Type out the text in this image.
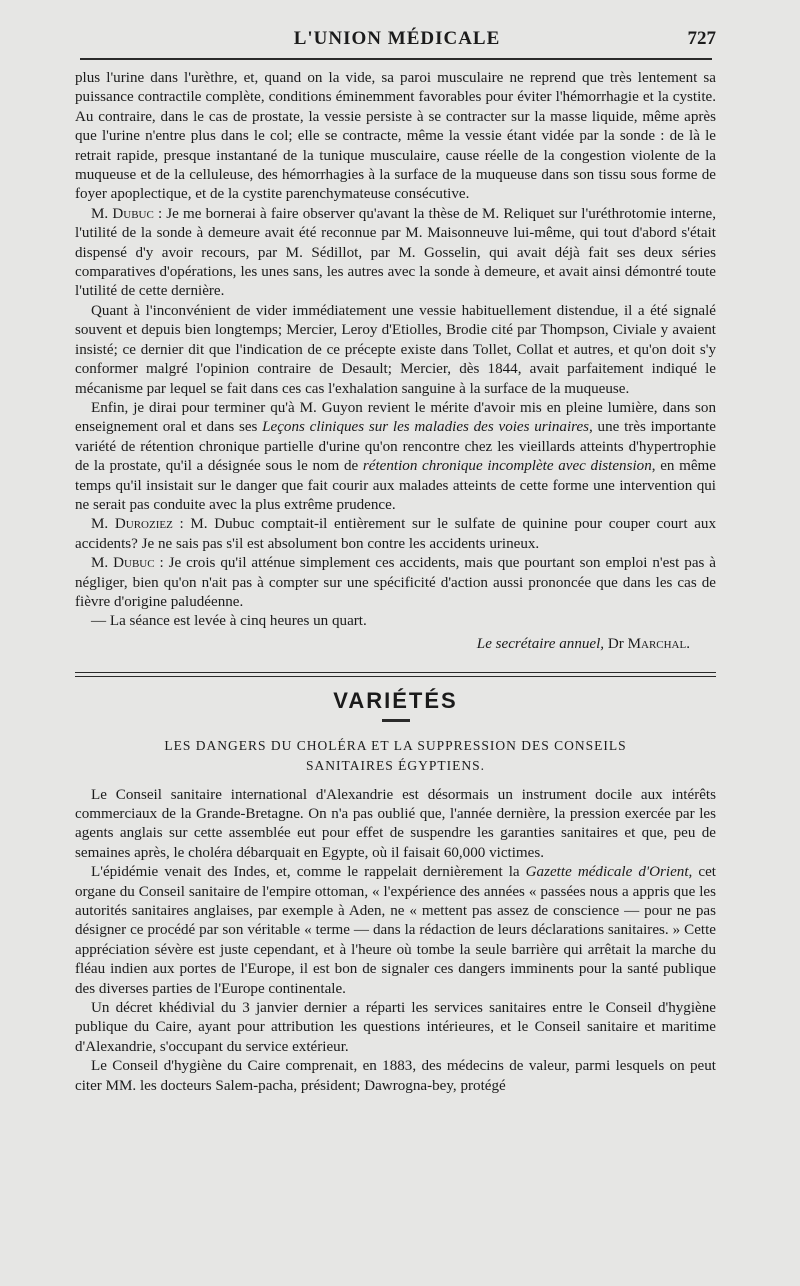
L'UNION MÉDICALE	727

plus l'urine dans l'urèthre, et, quand on la vide, sa paroi musculaire ne reprend que très lentement sa puissance contractile complète, conditions éminemment favorables pour éviter l'hémorrhagie et la cystite. Au contraire, dans le cas de prostate, la vessie persiste à se contracter sur la masse liquide, même après que l'urine n'entre plus dans le col; elle se contracte, même la vessie étant vidée par la sonde : de là le retrait rapide, presque instantané de la tunique musculaire, cause réelle de la congestion violente de la muqueuse et de la celluleuse, des hémorrhagies à la surface de la muqueuse dans son tissu sous forme de foyer apoplectique, et de la cystite parenchymateuse consécutive.

M. Dubuc : Je me bornerai à faire observer qu'avant la thèse de M. Reliquet sur l'uréthrotomie interne, l'utilité de la sonde à demeure avait été reconnue par M. Maisonneuve lui-même, qui tout d'abord s'était dispensé d'y avoir recours, par M. Sédillot, par M. Gosselin, qui avait déjà fait ses deux séries comparatives d'opérations, les unes sans, les autres avec la sonde à demeure, et avait ainsi démontré toute l'utilité de cette dernière.

Quant à l'inconvénient de vider immédiatement une vessie habituellement distendue, il a été signalé souvent et depuis bien longtemps; Mercier, Leroy d'Etiolles, Brodie cité par Thompson, Civiale y avaient insisté; ce dernier dit que l'indication de ce précepte existe dans Tollet, Collat et autres, et qu'on doit s'y conformer malgré l'opinion contraire de Desault; Mercier, dès 1844, avait parfaitement indiqué le mécanisme par lequel se fait dans ces cas l'exhalation sanguine à la surface de la muqueuse.

Enfin, je dirai pour terminer qu'à M. Guyon revient le mérite d'avoir mis en pleine lumière, dans son enseignement oral et dans ses Leçons cliniques sur les maladies des voies urinaires, une très importante variété de rétention chronique partielle d'urine qu'on rencontre chez les vieillards atteints d'hypertrophie de la prostate, qu'il a désignée sous le nom de rétention chronique incomplète avec distension, en même temps qu'il insistait sur le danger que fait courir aux malades atteints de cette forme une intervention qui ne serait pas conduite avec la plus extrême prudence.

M. Duroziez : M. Dubuc comptait-il entièrement sur le sulfate de quinine pour couper court aux accidents? Je ne sais pas s'il est absolument bon contre les accidents urineux.

M. Dubuc : Je crois qu'il atténue simplement ces accidents, mais que pourtant son emploi n'est pas à négliger, bien qu'on n'ait pas à compter sur une spécificité d'action aussi prononcée que dans les cas de fièvre d'origine paludéenne.

— La séance est levée à cinq heures un quart.

Le secrétaire annuel, Dr Marchal.

VARIÉTÉS
LES DANGERS DU CHOLÉRA ET LA SUPPRESSION DES CONSEILS
SANITAIRES ÉGYPTIENS.

Le Conseil sanitaire international d'Alexandrie est désormais un instrument docile aux intérêts commerciaux de la Grande-Bretagne. On n'a pas oublié que, l'année dernière, la pression exercée par les agents anglais sur cette assemblée eut pour effet de suspendre les garanties sanitaires et que, peu de semaines après, le choléra débarquait en Egypte, où il faisait 60,000 victimes.

L'épidémie venait des Indes, et, comme le rappelait dernièrement la Gazette médicale d'Orient, cet organe du Conseil sanitaire de l'empire ottoman, « l'expérience des années « passées nous a appris que les autorités sanitaires anglaises, par exemple à Aden, ne « mettent pas assez de conscience — pour ne pas désigner ce procédé par son véritable « terme — dans la rédaction de leurs déclarations sanitaires. » Cette appréciation sévère est juste cependant, et à l'heure où tombe la seule barrière qui arrêtait la marche du fléau indien aux portes de l'Europe, il est bon de signaler ces dangers imminents pour la santé publique des diverses parties de l'Europe continentale.

Un décret khédivial du 3 janvier dernier a réparti les services sanitaires entre le Conseil d'hygiène publique du Caire, ayant pour attribution les questions intérieures, et le Conseil sanitaire et maritime d'Alexandrie, s'occupant du service extérieur.

Le Conseil d'hygiène du Caire comprenait, en 1883, des médecins de valeur, parmi lesquels on peut citer MM. les docteurs Salem-pacha, président; Dawrogna-bey, protégé
